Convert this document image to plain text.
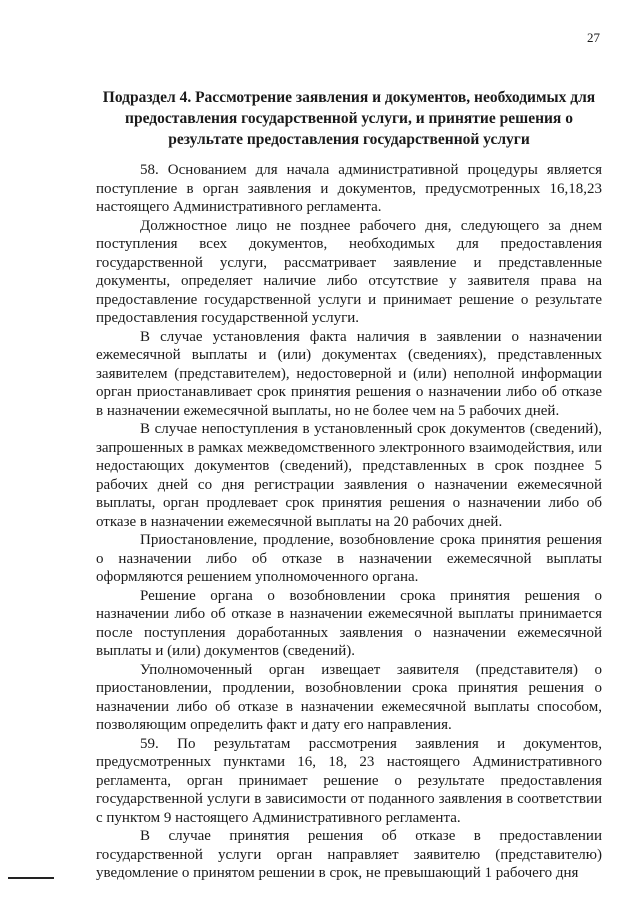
27
Подраздел 4. Рассмотрение заявления и документов, необходимых для предоставления государственной услуги, и принятие решения о результате предоставления государственной услуги

58. Основанием для начала административной процедуры является поступление в орган заявления и документов, предусмотренных 16,18,23 настоящего Административного регламента.

Должностное лицо не позднее рабочего дня, следующего за днем поступления всех документов, необходимых для предоставления государственной услуги, рассматривает заявление и представленные документы, определяет наличие либо отсутствие у заявителя права на предоставление государственной услуги и принимает решение о результате предоставления государственной услуги.

В случае установления факта наличия в заявлении о назначении ежемесячной выплаты и (или) документах (сведениях), представленных заявителем (представителем), недостоверной и (или) неполной информации орган приостанавливает срок принятия решения о назначении либо об отказе в назначении ежемесячной выплаты, но не более чем на 5 рабочих дней.

В случае непоступления в установленный срок документов (сведений), запрошенных в рамках межведомственного электронного взаимодействия, или недостающих документов (сведений), представленных в срок позднее 5 рабочих дней со дня регистрации заявления о назначении ежемесячной выплаты, орган продлевает срок принятия решения о назначении либо об отказе в назначении ежемесячной выплаты на 20 рабочих дней.

Приостановление, продление, возобновление срока принятия решения о назначении либо об отказе в назначении ежемесячной выплаты оформляются решением уполномоченного органа.

Решение органа о возобновлении срока принятия решения о назначении либо об отказе в назначении ежемесячной выплаты принимается после поступления доработанных заявления о назначении ежемесячной выплаты и (или) документов (сведений).

Уполномоченный орган извещает заявителя (представителя) о приостановлении, продлении, возобновлении срока принятия решения о назначении либо об отказе в назначении ежемесячной выплаты способом, позволяющим определить факт и дату его направления.

59. По результатам рассмотрения заявления и документов, предусмотренных пунктами 16, 18, 23 настоящего Административного регламента, орган принимает решение о результате предоставления государственной услуги в зависимости от поданного заявления в соответствии с пунктом 9 настоящего Административного регламента.

В случае принятия решения об отказе в предоставлении государственной услуги орган направляет заявителю (представителю) уведомление о принятом решении в срок, не превышающий 1 рабочего дня
